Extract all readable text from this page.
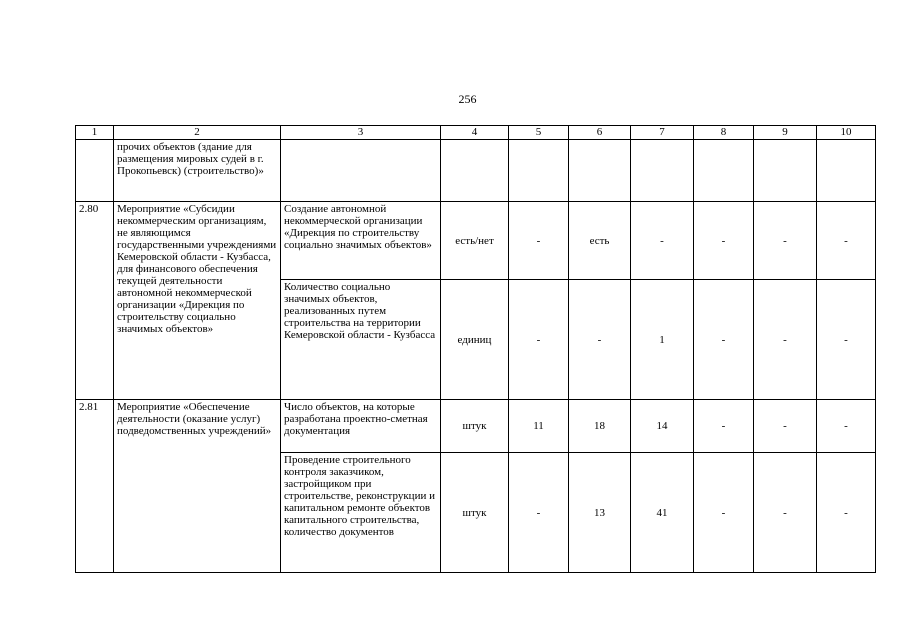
256
1	2	3	4	5	6	7	8	9	10
	прочих объектов (здание для размещения мировых судей в г. Прокопьевск) (строительство)»								
2.80	Мероприятие «Субсидии некоммерческим организациям, не являющимся государственными учреждениями Кемеровской области - Кузбасса, для финансового обеспечения текущей деятельности автономной некоммерческой организации «Дирекция по строительству социально значимых объектов»	Создание автономной некоммерческой организации «Дирекция по строительству социально значимых объектов»	есть/нет	-	есть	-	-	-	-
		Количество социально значимых объектов, реализованных путем строительства на территории Кемеровской области - Кузбасса	единиц	-	-	1	-	-	-
2.81	Мероприятие «Обеспечение деятельности (оказание услуг) подведомственных учреждений»	Число объектов, на которые разработана проектно-сметная документация	штук	11	18	14	-	-	-
		Проведение строительного контроля заказчиком, застройщиком при строительстве, реконструкции и капитальном ремонте объектов капитального строительства, количество документов	штук	-	13	41	-	-	-
